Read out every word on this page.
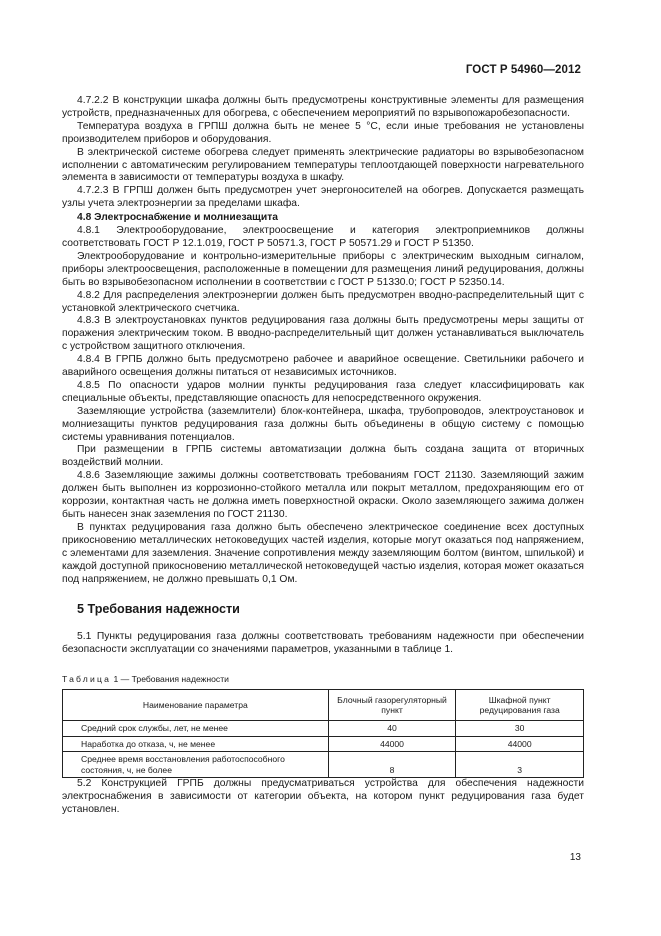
ГОСТ Р 54960—2012

4.7.2.2 В конструкции шкафа должны быть предусмотрены конструктивные элементы для размещения устройств, предназначенных для обогрева, с обеспечением мероприятий по взрывопожаробезопасности.

Температура воздуха в ГРПШ должна быть не менее 5 °С, если иные требования не установлены производителем приборов и оборудования.

В электрической системе обогрева следует применять электрические радиаторы во взрывобезопасном исполнении с автоматическим регулированием температуры теплоотдающей поверхности нагревательного элемента в зависимости от температуры воздуха в шкафу.

4.7.2.3 В ГРПШ должен быть предусмотрен учет энергоносителей на обогрев. Допускается размещать узлы учета электроэнергии за пределами шкафа.

4.8 Электроснабжение и молниезащита

4.8.1 Электрооборудование, электроосвещение и категория электроприемников должны соответствовать ГОСТ Р 12.1.019, ГОСТ Р 50571.3, ГОСТ Р 50571.29 и ГОСТ Р 51350.

Электрооборудование и контрольно-измерительные приборы с электрическим выходным сигналом, приборы электроосвещения, расположенные в помещении для размещения линий редуцирования, должны быть во взрывобезопасном исполнении в соответствии с ГОСТ Р 51330.0; ГОСТ Р 52350.14.

4.8.2 Для распределения электроэнергии должен быть предусмотрен вводно-распределительный щит с установкой электрического счетчика.

4.8.3 В электроустановках пунктов редуцирования газа должны быть предусмотрены меры защиты от поражения электрическим током. В вводно-распределительный щит должен устанавливаться выключатель с устройством защитного отключения.

4.8.4 В ГРПБ должно быть предусмотрено рабочее и аварийное освещение. Светильники рабочего и аварийного освещения должны питаться от независимых источников.

4.8.5 По опасности ударов молнии пункты редуцирования газа следует классифицировать как специальные объекты, представляющие опасность для непосредственного окружения.

Заземляющие устройства (заземлители) блок-контейнера, шкафа, трубопроводов, электроустановок и молниезащиты пунктов редуцирования газа должны быть объединены в общую систему с помощью системы уравнивания потенциалов.

При размещении в ГРПБ системы автоматизации должна быть создана защита от вторичных воздействий молнии.

4.8.6 Заземляющие зажимы должны соответствовать требованиям ГОСТ 21130. Заземляющий зажим должен быть выполнен из коррозионно-стойкого металла или покрыт металлом, предохраняющим его от коррозии, контактная часть не должна иметь поверхностной окраски. Около заземляющего зажима должен быть нанесен знак заземления по ГОСТ 21130.

В пунктах редуцирования газа должно быть обеспечено электрическое соединение всех доступных прикосновению металлических нетоковедущих частей изделия, которые могут оказаться под напряжением, с элементами для заземления. Значение сопротивления между заземляющим болтом (винтом, шпилькой) и каждой доступной прикосновению металлической нетоковедущей частью изделия, которая может оказаться под напряжением, не должно превышать 0,1 Ом.

5 Требования надежности

5.1 Пункты редуцирования газа должны соответствовать требованиям надежности при обеспечении безопасности эксплуатации со значениями параметров, указанными в таблице 1.

Таблица 1 — Требования надежности
Наименование параметра	Блочный газорегуляторный пункт	Шкафной пункт редуцирования газа
Средний срок службы, лет, не менее	40	30
Наработка до отказа, ч, не менее	44000	44000
Среднее время восстановления работоспособного состояния, ч, не более	8	3

5.2 Конструкцией ГРПБ должны предусматриваться устройства для обеспечения надежности электроснабжения в зависимости от категории объекта, на котором пункт редуцирования газа будет установлен.

13
